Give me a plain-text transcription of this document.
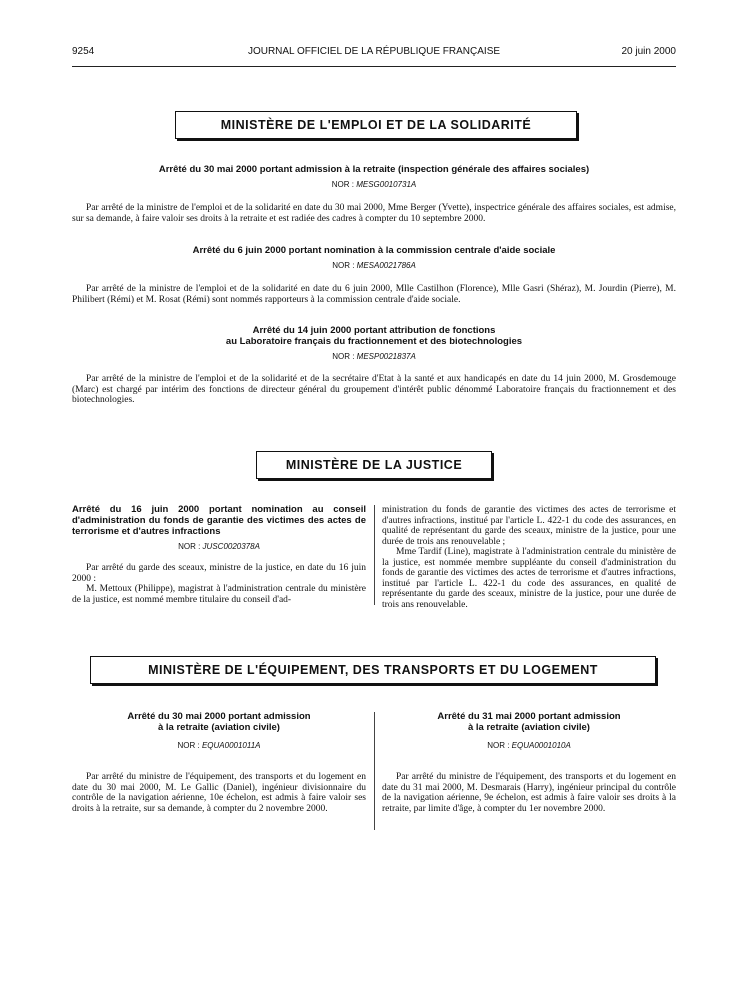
9254	JOURNAL OFFICIEL DE LA RÉPUBLIQUE FRANÇAISE	20 juin 2000
MINISTÈRE DE L'EMPLOI ET DE LA SOLIDARITÉ
Arrêté du 30 mai 2000 portant admission à la retraite (inspection générale des affaires sociales)
NOR : MESG0010731A
Par arrêté de la ministre de l'emploi et de la solidarité en date du 30 mai 2000, Mme Berger (Yvette), inspectrice générale des affaires sociales, est admise, sur sa demande, à faire valoir ses droits à la retraite et est radiée des cadres à compter du 10 septembre 2000.
Arrêté du 6 juin 2000 portant nomination à la commission centrale d'aide sociale
NOR : MESA0021786A
Par arrêté de la ministre de l'emploi et de la solidarité en date du 6 juin 2000, Mlle Castilhon (Florence), Mlle Gasri (Shéraz), M. Jourdin (Pierre), M. Philibert (Rémi) et M. Rosat (Rémi) sont nommés rapporteurs à la commission centrale d'aide sociale.
Arrêté du 14 juin 2000 portant attribution de fonctions
au Laboratoire français du fractionnement et des biotechnologies
NOR : MESP0021837A
Par arrêté de la ministre de l'emploi et de la solidarité et de la secrétaire d'Etat à la santé et aux handicapés en date du 14 juin 2000, M. Grosdemouge (Marc) est chargé par intérim des fonctions de directeur général du groupement d'intérêt public dénommé Laboratoire français du fractionnement et des biotechnologies.
MINISTÈRE DE LA JUSTICE
Arrêté du 16 juin 2000 portant nomination au conseil d'administration du fonds de garantie des victimes des actes de terrorisme et d'autres infractions
NOR : JUSC0020378A

Par arrêté du garde des sceaux, ministre de la justice, en date du 16 juin 2000 :

M. Mettoux (Philippe), magistrat à l'administration centrale du ministère de la justice, est nommé membre titulaire du conseil d'ad-

ministration du fonds de garantie des victimes des actes de terrorisme et d'autres infractions, institué par l'article L. 422-1 du code des assurances, en qualité de représentant du garde des sceaux, ministre de la justice, pour une durée de trois ans renouvelable ;

Mme Tardif (Line), magistrate à l'administration centrale du ministère de la justice, est nommée membre suppléante du conseil d'administration du fonds de garantie des victimes des actes de terrorisme et d'autres infractions, institué par l'article L. 422-1 du code des assurances, en qualité de représentante du garde des sceaux, ministre de la justice, pour une durée de trois ans renouvelable.

MINISTÈRE DE L'ÉQUIPEMENT, DES TRANSPORTS ET DU LOGEMENT
Arrêté du 30 mai 2000 portant admission
à la retraite (aviation civile)
NOR : EQUA0001011A
Par arrêté du ministre de l'équipement, des transports et du logement en date du 30 mai 2000, M. Le Gallic (Daniel), ingénieur divisionnaire du contrôle de la navigation aérienne, 10e échelon, est admis à faire valoir ses droits à la retraite, sur sa demande, à compter du 2 novembre 2000.
Arrêté du 31 mai 2000 portant admission
à la retraite (aviation civile)
NOR : EQUA0001010A
Par arrêté du ministre de l'équipement, des transports et du logement en date du 31 mai 2000, M. Desmarais (Harry), ingénieur principal du contrôle de la navigation aérienne, 9e échelon, est admis à faire valoir ses droits à la retraite, par limite d'âge, à compter du 1er novembre 2000.
